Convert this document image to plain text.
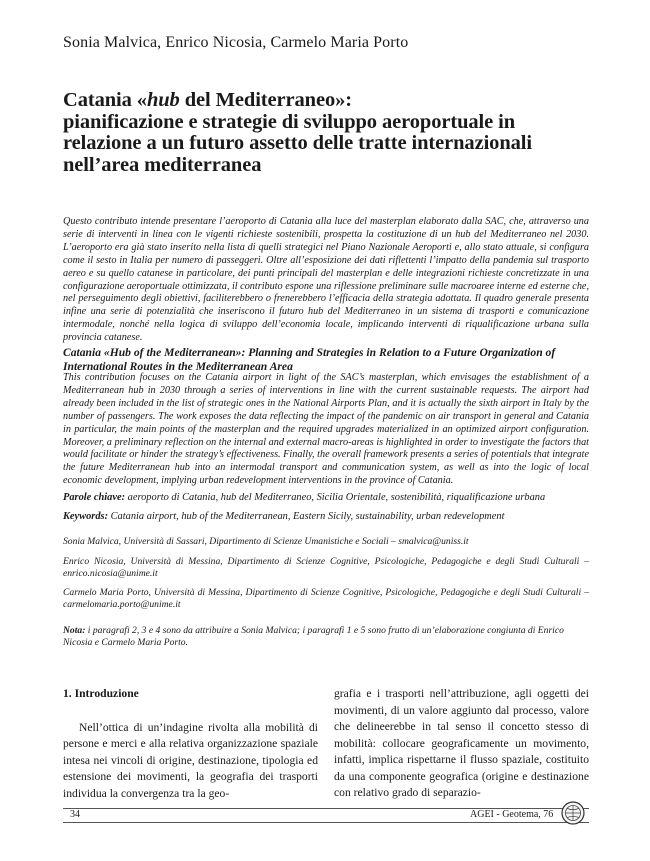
Sonia Malvica, Enrico Nicosia, Carmelo Maria Porto
Catania «hub del Mediterraneo»:
pianificazione e strategie di sviluppo aeroportuale in
relazione a un futuro assetto delle tratte internazionali
nell’area mediterranea
Questo contributo intende presentare l’aeroporto di Catania alla luce del masterplan elaborato dalla SAC, che, attraverso una serie di interventi in linea con le vigenti richieste sostenibili, prospetta la costituzione di un hub del Mediterraneo nel 2030. L’aeroporto era già stato inserito nella lista di quelli strategici nel Piano Nazionale Aeroporti e, allo stato attuale, si configura come il sesto in Italia per numero di passeggeri. Oltre all’esposizione dei dati riflettenti l’impatto della pandemia sul trasporto aereo e su quello catanese in particolare, dei punti principali del masterplan e delle integrazioni richieste concretizzate in una configurazione aeroportuale ottimizzata, il contributo espone una riflessione preliminare sulle macroaree interne ed esterne che, nel perseguimento degli obiettivi, faciliterebbero o frenerebbero l’efficacia della strategia adottata. Il quadro generale presenta infine una serie di potenzialità che inseriscono il futuro hub del Mediterraneo in un sistema di trasporti e comunicazione intermodale, nonché nella logica di sviluppo dell’economia locale, implicando interventi di riqualificazione urbana sulla provincia catanese.
Catania «Hub of the Mediterranean»: Planning and Strategies in Relation to a Future Organization of International Routes in the Mediterranean Area
This contribution focuses on the Catania airport in light of the SAC’s masterplan, which envisages the establishment of a Mediterranean hub in 2030 through a series of interventions in line with the current sustainable requests. The airport had already been included in the list of strategic ones in the National Airports Plan, and it is actually the sixth airport in Italy by the number of passengers. The work exposes the data reflecting the impact of the pandemic on air transport in general and Catania in particular, the main points of the masterplan and the required upgrades materialized in an optimized airport configuration. Moreover, a preliminary reflection on the internal and external macro-areas is highlighted in order to investigate the factors that would facilitate or hinder the strategy’s effectiveness. Finally, the overall framework presents a series of potentials that integrate the future Mediterranean hub into an intermodal transport and communication system, as well as into the logic of local economic development, implying urban redevelopment interventions in the province of Catania.
Parole chiave: aeroporto di Catania, hub del Mediterraneo, Sicilia Orientale, sostenibilità, riqualificazione urbana
Keywords: Catania airport, hub of the Mediterranean, Eastern Sicily, sustainability, urban redevelopment
Sonia Malvica, Università di Sassari, Dipartimento di Scienze Umanistiche e Sociali – smalvica@uniss.it
Enrico Nicosia, Università di Messina, Dipartimento di Scienze Cognitive, Psicologiche, Pedagogiche e degli Studi Culturali – enrico.nicosia@unime.it
Carmelo Maria Porto, Università di Messina, Dipartimento di Scienze Cognitive, Psicologiche, Pedagogiche e degli Studi Culturali – carmelomaria.porto@unime.it
Nota: i paragrafi 2, 3 e 4 sono da attribuire a Sonia Malvica; i paragrafi 1 e 5 sono frutto di un’elaborazione congiunta di Enrico Nicosia e Carmelo Maria Porto.
1. Introduzione
Nell’ottica di un’indagine rivolta alla mobilità di persone e merci e alla relativa organizzazione spaziale intesa nei vincoli di origine, destinazione, tipologia ed estensione dei movimenti, la geografia dei trasporti individua la convergenza tra la geo-
grafia e i trasporti nell’attribuzione, agli oggetti dei movimenti, di un valore aggiunto dal processo, valore che delineerebbe in tal senso il concetto stesso di mobilità: collocare geograficamente un movimento, infatti, implica rispettarne il flusso spaziale, costituito da una componente geografica (origine e destinazione con relativo grado di separazio-
34	AGEI - Geotema, 76
